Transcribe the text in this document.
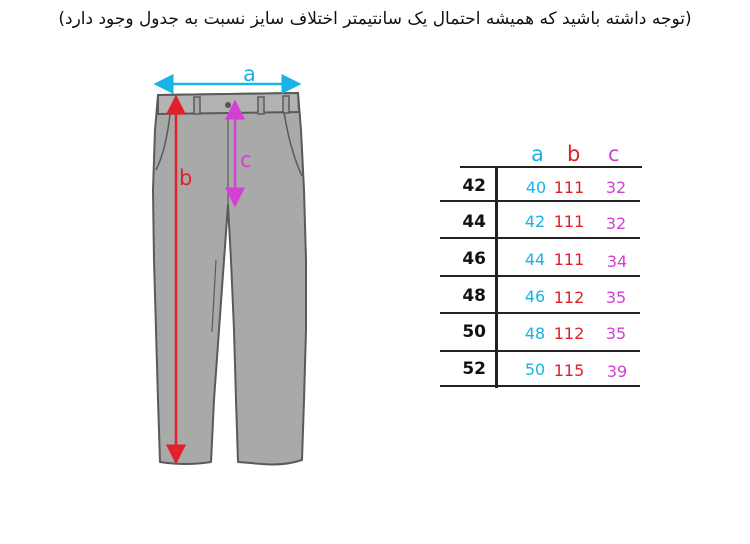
(توجه داشته باشید که همیشه احتمال یک سانتیمتر اختلاف سایز نسبت به جدول وجود دارد)
a
b
c	a b c
42	40 111	32
44	42 111	32
46	44 111	34
48	46 112	35
50	48 112	35
52	50 115	39
